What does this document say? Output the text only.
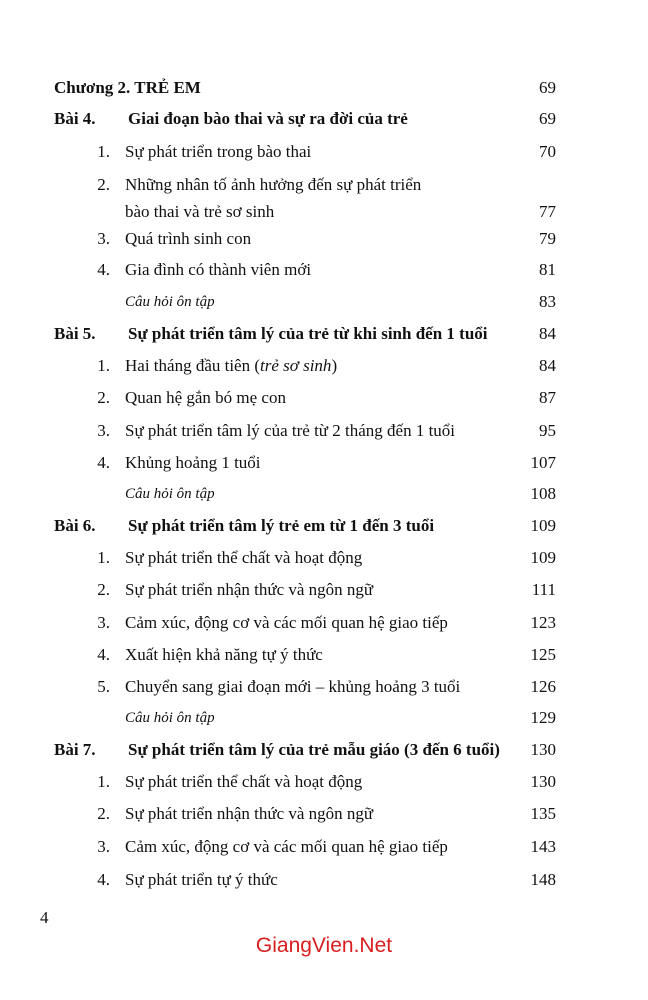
Chương 2. TRẺ EM	69
Bài 4. Giai đoạn bào thai và sự ra đời của trẻ	69
1. Sự phát triển trong bào thai	70
2. Những nhân tố ảnh hưởng đến sự phát triển
bào thai và trẻ sơ sinh	77
3. Quá trình sinh con	79
4. Gia đình có thành viên mới	81
Câu hỏi ôn tập	83
Bài 5. Sự phát triển tâm lý của trẻ từ khi sinh đến 1 tuổi	84
1. Hai tháng đầu tiên (trẻ sơ sinh)	84
2. Quan hệ gắn bó mẹ con	87
3. Sự phát triển tâm lý của trẻ từ 2 tháng đến 1 tuổi	95
4. Khủng hoảng 1 tuổi	107
Câu hỏi ôn tập	108
Bài 6. Sự phát triển tâm lý trẻ em từ 1 đến 3 tuổi	109
1. Sự phát triển thể chất và hoạt động	109
2. Sự phát triển nhận thức và ngôn ngữ	111
3. Cảm xúc, động cơ và các mối quan hệ giao tiếp	123
4. Xuất hiện khả năng tự ý thức	125
5. Chuyển sang giai đoạn mới – khủng hoảng 3 tuổi	126
Câu hỏi ôn tập	129
Bài 7. Sự phát triển tâm lý của trẻ mẫu giáo (3 đến 6 tuổi) 130
1. Sự phát triển thể chất và hoạt động	130
2. Sự phát triển nhận thức và ngôn ngữ	135
3. Cảm xúc, động cơ và các mối quan hệ giao tiếp	143
4. Sự phát triển tự ý thức	148
4
GiangVien.Net
